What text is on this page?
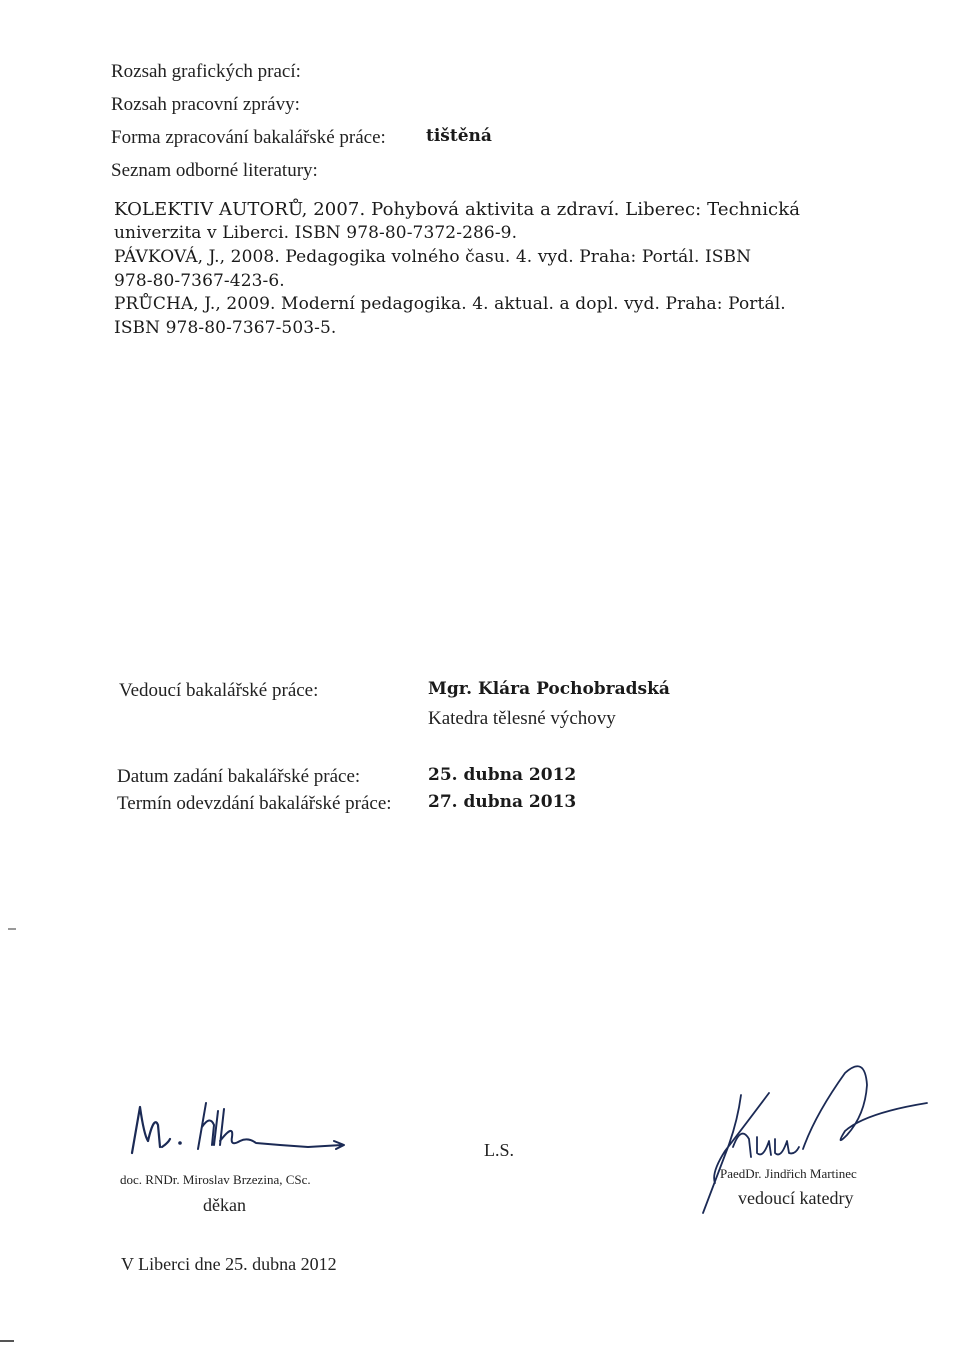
Rozsah grafických prací:
Rozsah pracovní zprávy:
Forma zpracování bakalářské práce: tištěná
Seznam odborné literatury:
KOLEKTIV AUTORŮ, 2007. Pohybová aktivita a zdraví. Liberec: Technická
univerzita v Liberci. ISBN 978-80-7372-286-9.
PÁVKOVÁ, J., 2008. Pedagogika volného času. 4. vyd. Praha: Portál. ISBN
978-80-7367-423-6.
PRŮCHA, J., 2009. Moderní pedagogika. 4. aktual. a dopl. vyd. Praha: Portál.
ISBN 978-80-7367-503-5.
Vedoucí bakalářské práce:	Mgr. Klára Pochobradská
Katedra tělesné výchovy
Datum zadání bakalářské práce:	25. dubna 2012
Termín odevzdání bakalářské práce: 27. dubna 2013
doc. RNDr. Miroslav Brzezina, CSc.
děkan
L.S.
PaedDr. Jindřich Martinec
vedoucí katedry
V Liberci dne 25. dubna 2012
